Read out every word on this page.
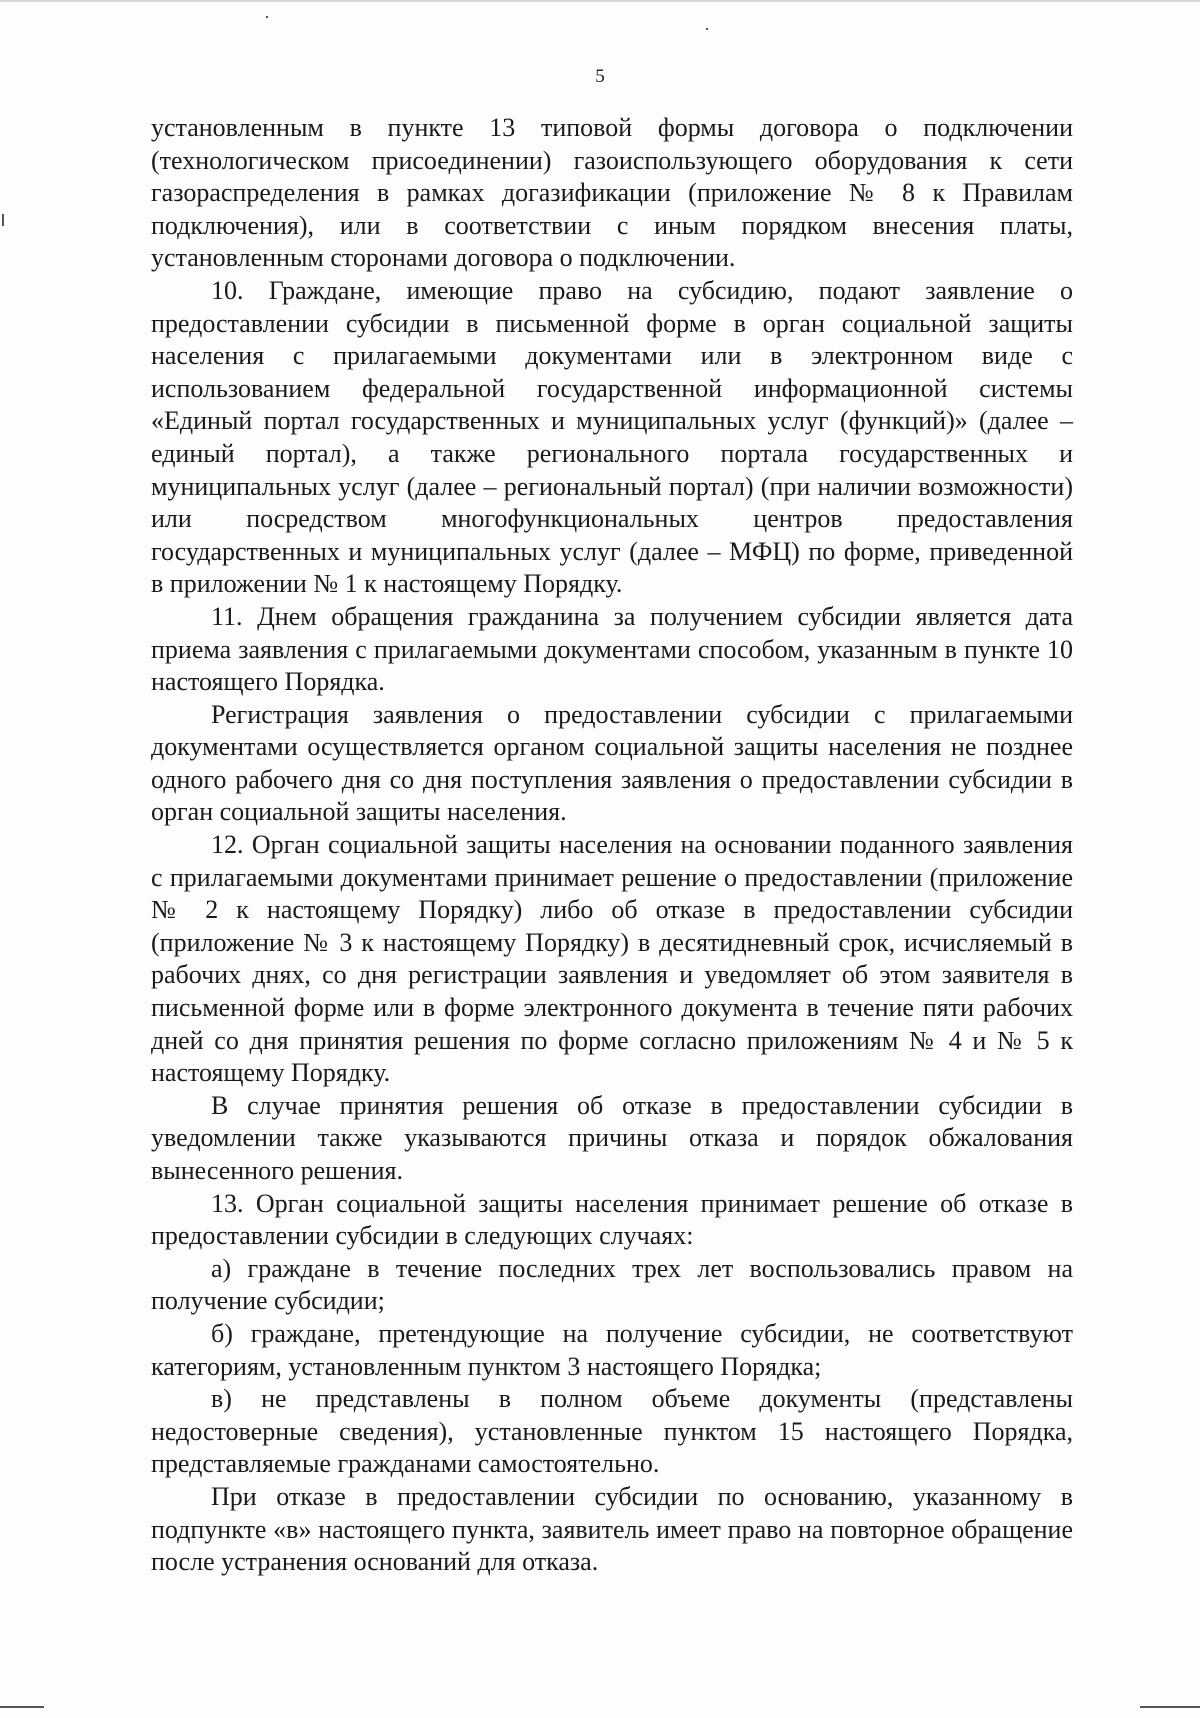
5

установленным в пункте 13 типовой формы договора о подключении (технологическом присоединении) газоиспользующего оборудования к сети газораспределения в рамках догазификации (приложение № 8 к Правилам подключения), или в соответствии с иным порядком внесения платы, установленным сторонами договора о подключении.

10. Граждане, имеющие право на субсидию, подают заявление о предоставлении субсидии в письменной форме в орган социальной защиты населения с прилагаемыми документами или в электронном виде с использованием федеральной государственной информационной системы «Единый портал государственных и муниципальных услуг (функций)» (далее – единый портал), а также регионального портала государственных и муниципальных услуг (далее – региональный портал) (при наличии возможности) или посредством многофункциональных центров предоставления государственных и муниципальных услуг (далее – МФЦ) по форме, приведенной в приложении № 1 к настоящему Порядку.

11. Днем обращения гражданина за получением субсидии является дата приема заявления с прилагаемыми документами способом, указанным в пункте 10 настоящего Порядка.

Регистрация заявления о предоставлении субсидии с прилагаемыми документами осуществляется органом социальной защиты населения не позднее одного рабочего дня со дня поступления заявления о предоставлении субсидии в орган социальной защиты населения.

12. Орган социальной защиты населения на основании поданного заявления с прилагаемыми документами принимает решение о предоставлении (приложение № 2 к настоящему Порядку) либо об отказе в предоставлении субсидии (приложение № 3 к настоящему Порядку) в десятидневный срок, исчисляемый в рабочих днях, со дня регистрации заявления и уведомляет об этом заявителя в письменной форме или в форме электронного документа в течение пяти рабочих дней со дня принятия решения по форме согласно приложениям № 4 и № 5 к настоящему Порядку.

В случае принятия решения об отказе в предоставлении субсидии в уведомлении также указываются причины отказа и порядок обжалования вынесенного решения.

13. Орган социальной защиты населения принимает решение об отказе в предоставлении субсидии в следующих случаях:

а) граждане в течение последних трех лет воспользовались правом на получение субсидии;

б) граждане, претендующие на получение субсидии, не соответствуют категориям, установленным пунктом 3 настоящего Порядка;

в) не представлены в полном объеме документы (представлены недостоверные сведения), установленные пунктом 15 настоящего Порядка, представляемые гражданами самостоятельно.

При отказе в предоставлении субсидии по основанию, указанному в подпункте «в» настоящего пункта, заявитель имеет право на повторное обращение после устранения оснований для отказа.
